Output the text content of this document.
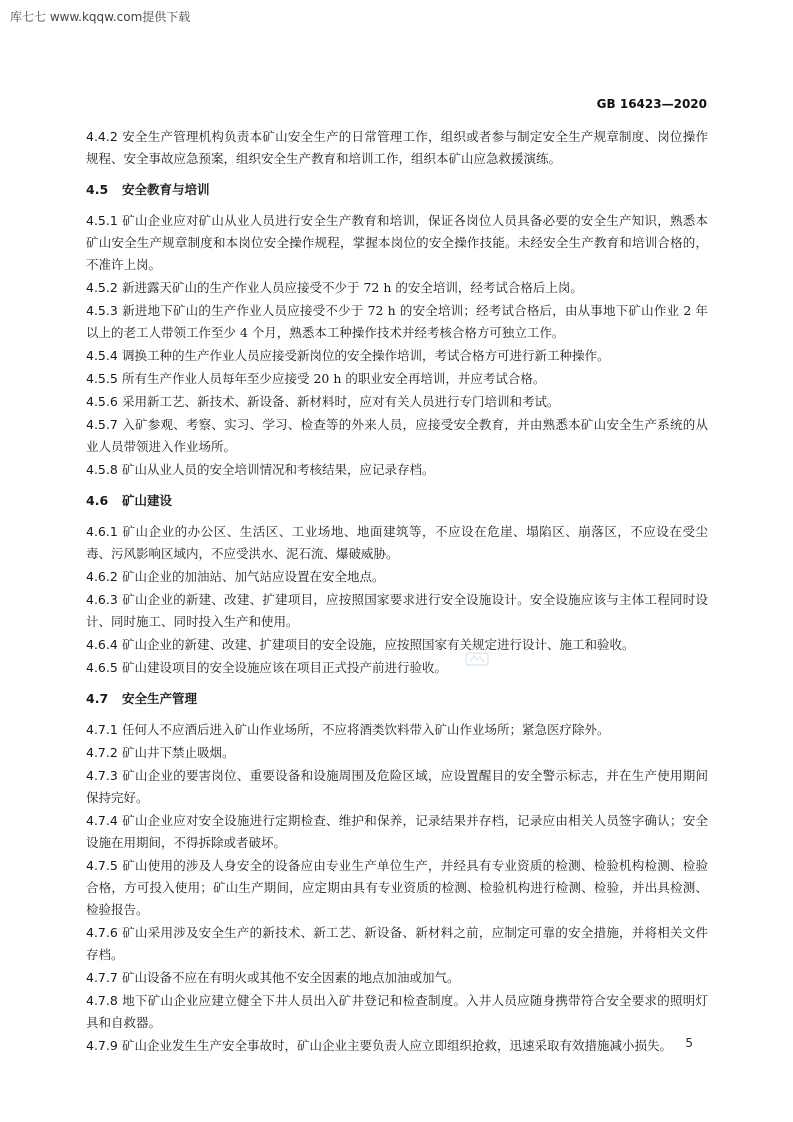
库七七 www.kqqw.com提供下载
GB 16423—2020
4.4.2 安全生产管理机构负责本矿山安全生产的日常管理工作，组织或者参与制定安全生产规章制度、岗位操作规程、安全事故应急预案，组织安全生产教育和培训工作，组织本矿山应急救援演练。
4.5 安全教育与培训
4.5.1 矿山企业应对矿山从业人员进行安全生产教育和培训，保证各岗位人员具备必要的安全生产知识，熟悉本矿山安全生产规章制度和本岗位安全操作规程，掌握本岗位的安全操作技能。未经安全生产教育和培训合格的，不准许上岗。
4.5.2 新进露天矿山的生产作业人员应接受不少于 72 h 的安全培训，经考试合格后上岗。
4.5.3 新进地下矿山的生产作业人员应接受不少于 72 h 的安全培训；经考试合格后，由从事地下矿山作业 2 年以上的老工人带领工作至少 4 个月，熟悉本工种操作技术并经考核合格方可独立工作。
4.5.4 调换工种的生产作业人员应接受新岗位的安全操作培训，考试合格方可进行新工种操作。
4.5.5 所有生产作业人员每年至少应接受 20 h 的职业安全再培训，并应考试合格。
4.5.6 采用新工艺、新技术、新设备、新材料时，应对有关人员进行专门培训和考试。
4.5.7 入矿参观、考察、实习、学习、检查等的外来人员，应接受安全教育，并由熟悉本矿山安全生产系统的从业人员带领进入作业场所。
4.5.8 矿山从业人员的安全培训情况和考核结果，应记录存档。
4.6 矿山建设
4.6.1 矿山企业的办公区、生活区、工业场地、地面建筑等，不应设在危崖、塌陷区、崩落区，不应设在受尘毒、污风影响区域内，不应受洪水、泥石流、爆破威胁。
4.6.2 矿山企业的加油站、加气站应设置在安全地点。
4.6.3 矿山企业的新建、改建、扩建项目，应按照国家要求进行安全设施设计。安全设施应该与主体工程同时设计、同时施工、同时投入生产和使用。
4.6.4 矿山企业的新建、改建、扩建项目的安全设施，应按照国家有关规定进行设计、施工和验收。
4.6.5 矿山建设项目的安全设施应该在项目正式投产前进行验收。
4.7 安全生产管理
4.7.1 任何人不应酒后进入矿山作业场所，不应将酒类饮料带入矿山作业场所；紧急医疗除外。
4.7.2 矿山井下禁止吸烟。
4.7.3 矿山企业的要害岗位、重要设备和设施周围及危险区域，应设置醒目的安全警示标志，并在生产使用期间保持完好。
4.7.4 矿山企业应对安全设施进行定期检查、维护和保养，记录结果并存档，记录应由相关人员签字确认；安全设施在用期间，不得拆除或者破坏。
4.7.5 矿山使用的涉及人身安全的设备应由专业生产单位生产，并经具有专业资质的检测、检验机构检测、检验合格，方可投入使用；矿山生产期间，应定期由具有专业资质的检测、检验机构进行检测、检验，并出具检测、检验报告。
4.7.6 矿山采用涉及安全生产的新技术、新工艺、新设备、新材料之前，应制定可靠的安全措施，并将相关文件存档。
4.7.7 矿山设备不应在有明火或其他不安全因素的地点加油或加气。
4.7.8 地下矿山企业应建立健全下井人员出入矿井登记和检查制度。入井人员应随身携带符合安全要求的照明灯具和自救器。
4.7.9 矿山企业发生生产安全事故时，矿山企业主要负责人应立即组织抢救，迅速采取有效措施减小损失。	5
